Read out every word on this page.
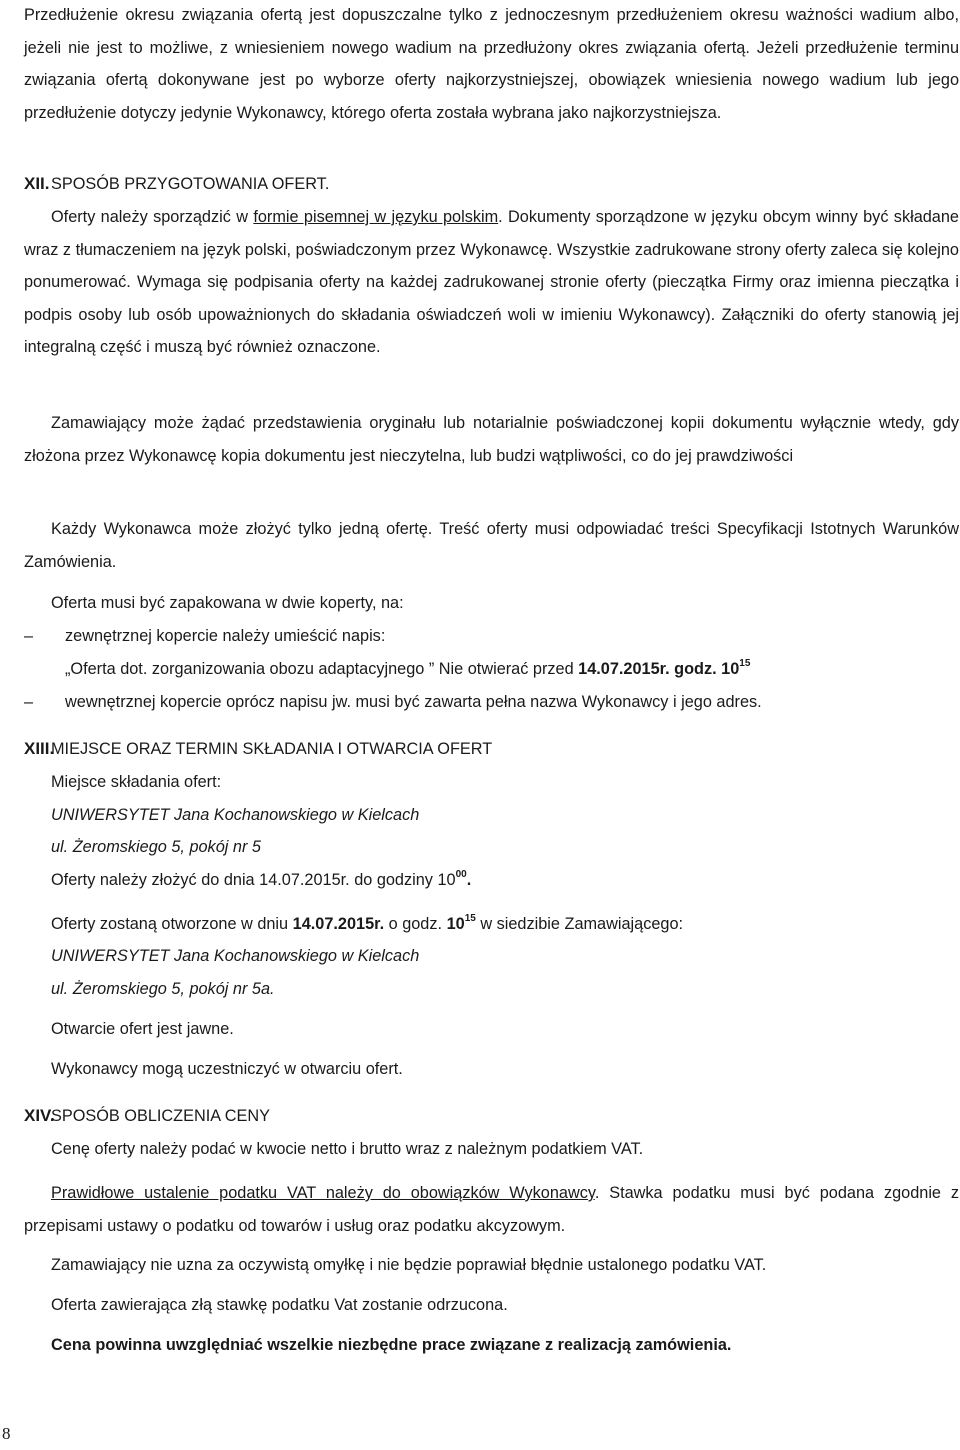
Przedłużenie okresu związania ofertą jest dopuszczalne tylko z jednoczesnym przedłużeniem okresu ważności wadium albo, jeżeli nie jest to możliwe, z wniesieniem nowego wadium na przedłużony okres związania ofertą. Jeżeli przedłużenie terminu związania ofertą dokonywane jest po wyborze oferty najkorzystniejszej, obowiązek wniesienia nowego wadium lub jego przedłużenie dotyczy jedynie Wykonawcy, którego oferta została wybrana jako najkorzystniejsza.

XII. SPOSÓB PRZYGOTOWANIA OFERT.

Oferty należy sporządzić w formie pisemnej w języku polskim. Dokumenty sporządzone w języku obcym winny być składane wraz z tłumaczeniem na język polski, poświadczonym przez Wykonawcę. Wszystkie zadrukowane strony oferty zaleca się kolejno ponumerować. Wymaga się podpisania oferty na każdej zadrukowanej stronie oferty (pieczątka Firmy oraz imienna pieczątka i podpis osoby lub osób upoważnionych do składania oświadczeń woli w imieniu Wykonawcy). Załączniki do oferty stanowią jej integralną część i muszą być również oznaczone.

Zamawiający może żądać przedstawienia oryginału lub notarialnie poświadczonej kopii dokumentu wyłącznie wtedy, gdy złożona przez Wykonawcę kopia dokumentu jest nieczytelna, lub budzi wątpliwości, co do jej prawdziwości

Każdy Wykonawca może złożyć tylko jedną ofertę. Treść oferty musi odpowiadać treści Specyfikacji Istotnych Warunków Zamówienia.

Oferta musi być zapakowana w dwie koperty, na:
– zewnętrznej kopercie należy umieścić napis:
„Oferta dot. zorganizowania obozu adaptacyjnego ” Nie otwierać przed 14.07.2015r. godz. $10^{15}$
– wewnętrznej kopercie oprócz napisu jw. musi być zawarta pełna nazwa Wykonawcy i jego adres.
XIII.
MIEJSCE ORAZ TERMIN SKŁADANIA I OTWARCIA OFERT
Miejsce składania ofert:
UNIWERSYTET Jana Kochanowskiego w Kielcach
ul. Żeromskiego 5, pokój nr 5
Oferty należy złożyć do dnia 14.07.2015r. do godziny $10^{00}$.
Oferty zostaną otworzone w dniu 14.07.2015r. o godz. $10^{15}$ w siedzibie Zamawiającego:
UNIWERSYTET Jana Kochanowskiego w Kielcach
ul. Żeromskiego 5, pokój nr 5a.
Otwarcie ofert jest jawne.
Wykonawcy mogą uczestniczyć w otwarciu ofert.
XIV.
SPOSÓB OBLICZENIA CENY
Cenę oferty należy podać w kwocie netto i brutto wraz z należnym podatkiem VAT.

Prawidłowe ustalenie podatku VAT należy do obowiązków Wykonawcy. Stawka podatku musi być podana zgodnie z przepisami ustawy o podatku od towarów i usług oraz podatku akcyzowym.

Zamawiający nie uzna za oczywistą omyłkę i nie będzie poprawiał błędnie ustalonego podatku VAT.
Oferta zawierająca złą stawkę podatku Vat zostanie odrzucona.
Cena powinna uwzględniać wszelkie niezbędne prace związane z realizacją zamówienia.
8
